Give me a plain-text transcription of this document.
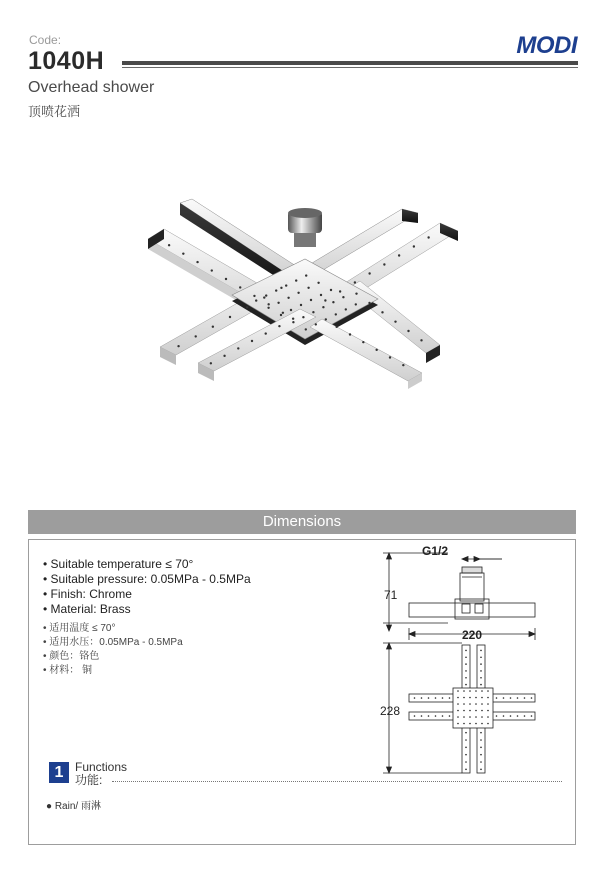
Code:
1040H
MODI
Overhead shower
顶喷花洒
Dimensions
• Suitable temperature ≤ 70°
• Suitable pressure: 0.05MPa - 0.5MPa
• Finish: Chrome
• Material: Brass
• 适用温度 ≤ 70°
• 适用水压：0.05MPa - 0.5MPa
• 颜色：铬色
• 材料： 铜
G1/2
71
220
228
1 Functions
功能:
● Rain/ 雨淋
